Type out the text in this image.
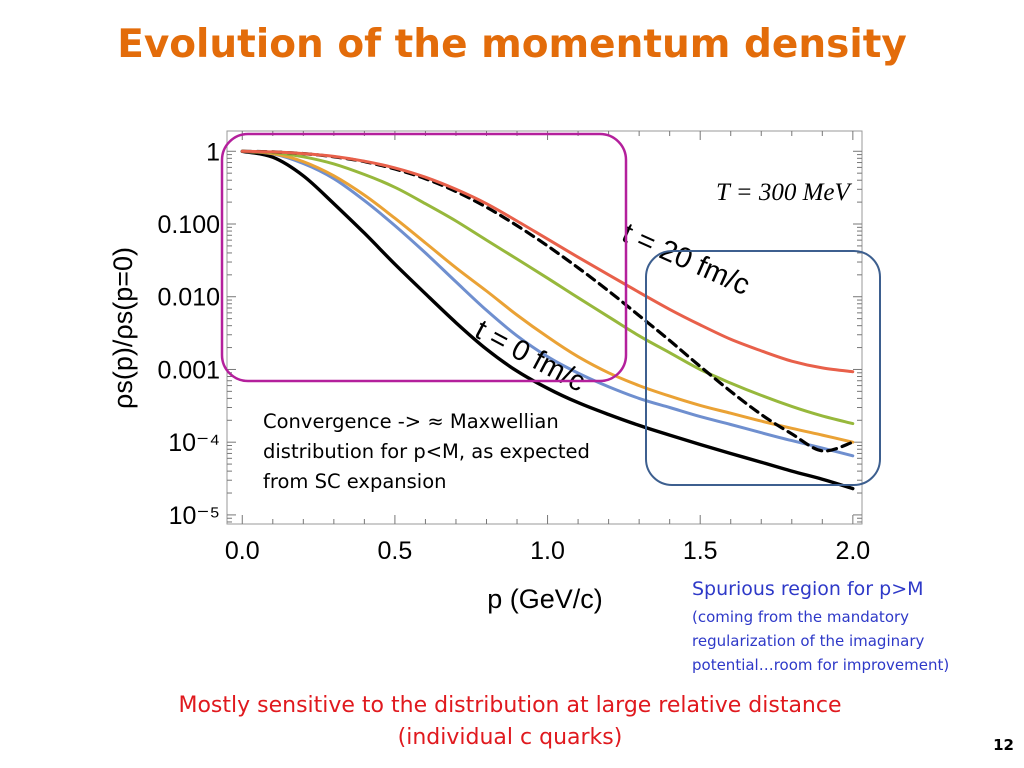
Evolution of the momentum density
1
0.100
0.010
0.001
10⁻⁴
10⁻⁵
0.0	0.5	1.0	1.5	2.0
ρs(p)/ρs(p=0)
p (GeV/c)
T = 300 MeV
t = 20 fm/c
t = 0 fm/c
Convergence -> ≈ Maxwellian
distribution for p<M, as expected
from SC expansion
Spurious region for p>M
(coming from the mandatory
regularization of the imaginary
potential…room for improvement)
Mostly sensitive to the distribution at large relative distance
(individual c quarks)	12
